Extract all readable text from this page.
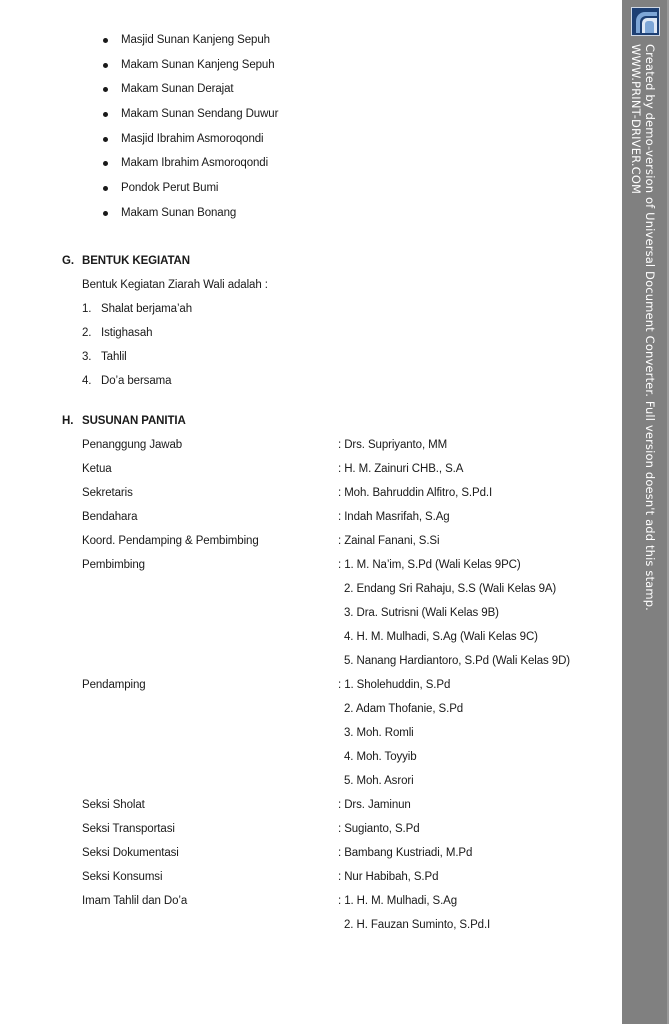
Masjid Sunan Kanjeng Sepuh
Makam Sunan Kanjeng Sepuh
Makam Sunan Derajat
Makam Sunan Sendang Duwur
Masjid Ibrahim Asmoroqondi
Makam Ibrahim Asmoroqondi
Pondok Perut Bumi
Makam Sunan Bonang
G. BENTUK KEGIATAN
Bentuk Kegiatan Ziarah Wali adalah :
1. Shalat berjama’ah
2. Istighasah
3. Tahlil
4. Do’a bersama
H. SUSUNAN PANITIA
Penanggung Jawab	: Drs. Supriyanto, MM
Ketua	: H. M. Zainuri CHB., S.A
Sekretaris	: Moh. Bahruddin Alfitro, S.Pd.I
Bendahara	: Indah Masrifah, S.Ag
Koord. Pendamping & Pembimbing	: Zainal Fanani, S.Si
Pembimbing	: 1. M. Na’im, S.Pd (Wali Kelas 9PC)
2. Endang Sri Rahaju, S.S (Wali Kelas 9A)
3. Dra. Sutrisni (Wali Kelas 9B)
4. H. M. Mulhadi, S.Ag (Wali Kelas 9C)
5. Nanang Hardiantoro, S.Pd (Wali Kelas 9D)
Pendamping	: 1. Sholehuddin, S.Pd
2. Adam Thofanie, S.Pd
3. Moh. Romli
4. Moh. Toyyib
5. Moh. Asrori
Seksi Sholat	: Drs. Jaminun
Seksi Transportasi	: Sugianto, S.Pd
Seksi Dokumentasi	: Bambang Kustriadi, M.Pd
Seksi Konsumsi	: Nur Habibah, S.Pd
Imam Tahlil dan Do’a	: 1. H. M. Mulhadi, S.Ag
2. H. Fauzan Suminto, S.Pd.I
Created by demo-version of Universal Document Converter. Full version doesn't add this stamp.
WWW.PRINT-DRIVER.COM
